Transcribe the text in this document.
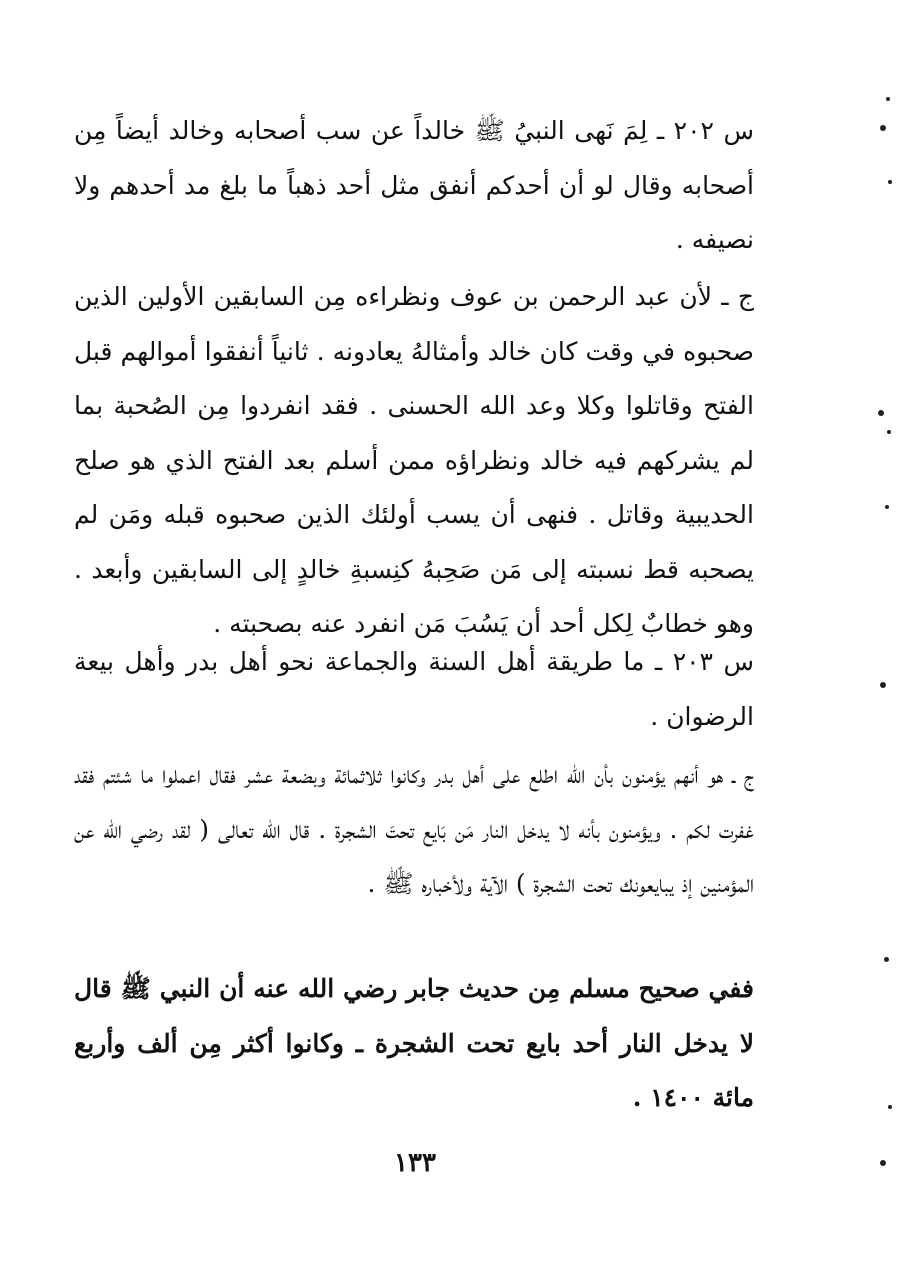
س ٢٠٢ ـ لِمَ نَهى النبيُ ﷺ خالداً عن سب أصحابه وخالد أيضاً مِن أصحابه وقال لو أن أحدكم أنفق مثل أحد ذهباً ما بلغ مد أحدهم ولا نصيفه .

ج ـ لأن عبد الرحمن بن عوف ونظراءه مِن السابقين الأولين الذين صحبوه في وقت كان خالد وأمثالهُ يعادونه . ثانياً أنفقوا أموالهم قبل الفتح وقاتلوا وكلا وعد الله الحسنى . فقد انفردوا مِن الصُحبة بما لم يشركهم فيه خالد ونظراؤه ممن أسلم بعد الفتح الذي هو صلح الحديبية وقاتل . فنهى أن يسب أولئك الذين صحبوه قبله ومَن لم يصحبه قط نسبته إلى مَن صَحِبهُ كنِسبةِ خالدٍ إلى السابقين وأبعد . وهو خطابٌ لِكل أحد أن يَسُبَ مَن انفرد عنه بصحبته .

س ٢٠٣ ـ ما طريقة أهل السنة والجماعة نحو أهل بدر وأهل بيعة الرضوان .

ج ـ هو أنهم يؤمنون بأن الله اطلع على أهل بدر وكانوا ثلاثمائة وبضعة عشر فقال اعملوا ما شئتم فقد غفرت لكم . ويؤمنون بأنه لا يدخل النار مَن بَايع تحتَ الشجرة . قال الله تعالى ( لقد رضي الله عن المؤمنين إذ يبايعونك تحت الشجرة ) الآية ولأخباره ﷺ .

ففي صحيح مسلم مِن حديث جابر رضي الله عنه أن النبي ﷺ قال لا يدخل النار أحد بايع تحت الشجرة ـ وكانوا أكثر مِن ألف وأربع مائة ١٤٠٠ .

١٣٣
